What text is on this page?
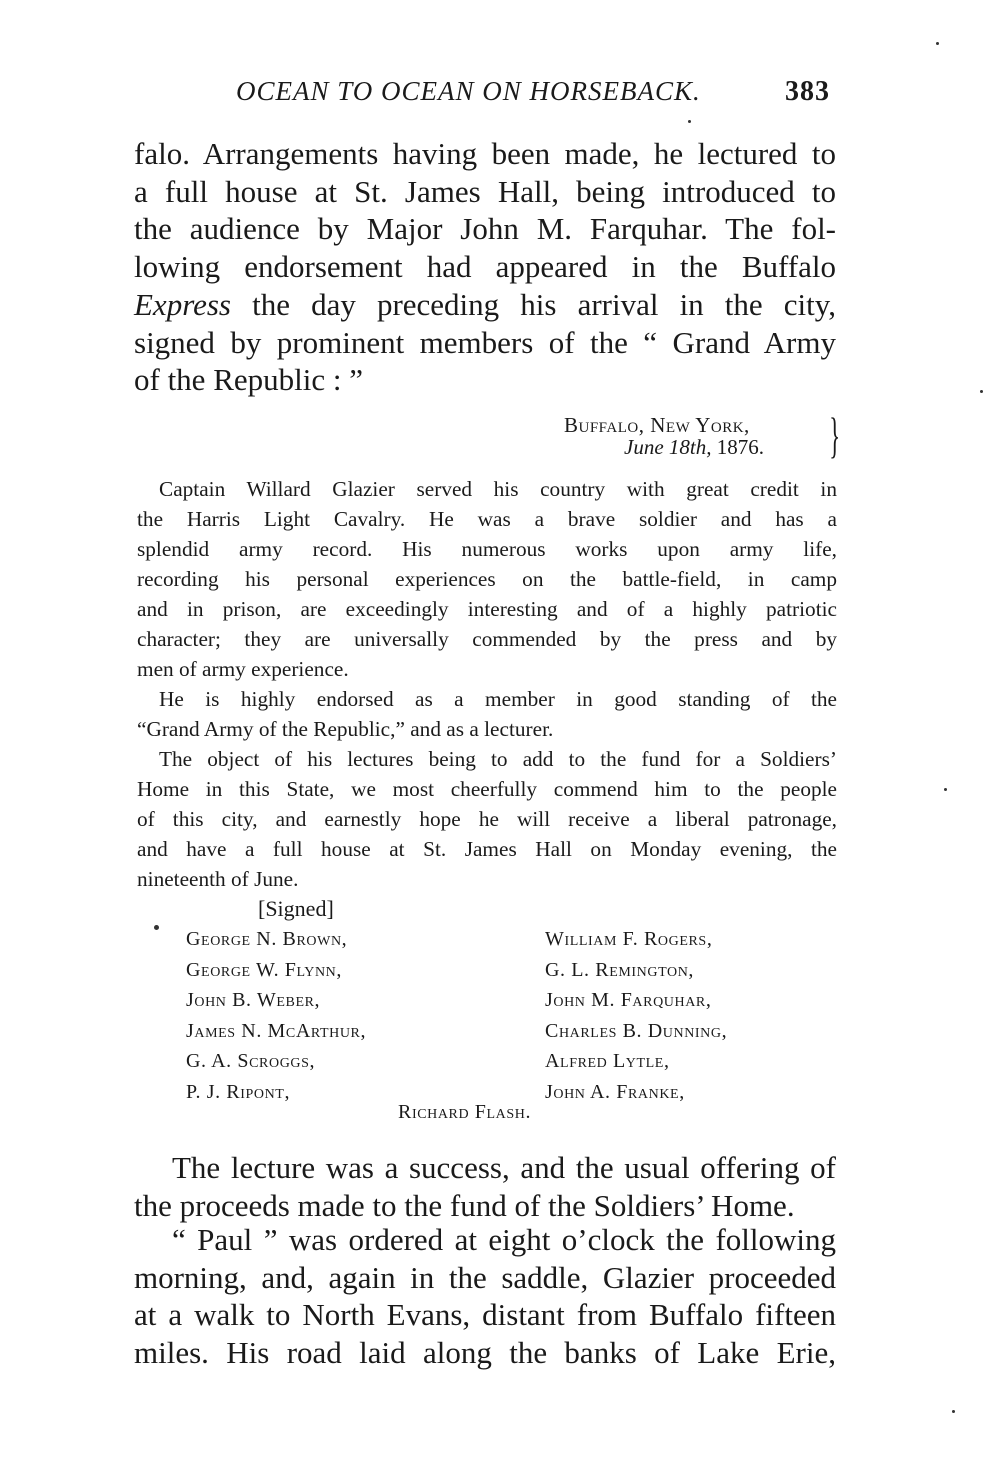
OCEAN TO OCEAN ON HORSEBACK.	383
falo. Arrangements having been made, he lectured to
a full house at St. James Hall, being introduced to
the audience by Major John M. Farquhar. The fol-
lowing endorsement had appeared in the Buffalo
Express the day preceding his arrival in the city,
signed by prominent members of the “ Grand Army
of the Republic : ”
Buffalo, New York,
June 18th, 1876. }
Captain Willard Glazier served his country with great credit in
the Harris Light Cavalry. He was a brave soldier and has a
splendid army record. His numerous works upon army life,
recording his personal experiences on the battle-field, in camp
and in prison, are exceedingly interesting and of a highly patriotic
character; they are universally commended by the press and by
men of army experience.
He is highly endorsed as a member in good standing of the
“Grand Army of the Republic,” and as a lecturer.
The object of his lectures being to add to the fund for a Soldiers’
Home in this State, we most cheerfully commend him to the people
of this city, and earnestly hope he will receive a liberal patronage,
and have a full house at St. James Hall on Monday evening, the
nineteenth of June.
[Signed]
George N. Brown,
George W. Flynn,
John B. Weber,
James N. McArthur,
G. A. Scroggs,
P. J. Ripont,
William F. Rogers,
G. L. Remington,
John M. Farquhar,
Charles B. Dunning,
Alfred Lytle,
John A. Franke,
Richard Flash.
The lecture was a success, and the usual offering of
the proceeds made to the fund of the Soldiers’ Home.
“ Paul ” was ordered at eight o’clock the following
morning, and, again in the saddle, Glazier proceeded
at a walk to North Evans, distant from Buffalo fifteen
miles. His road laid along the banks of Lake Erie,
